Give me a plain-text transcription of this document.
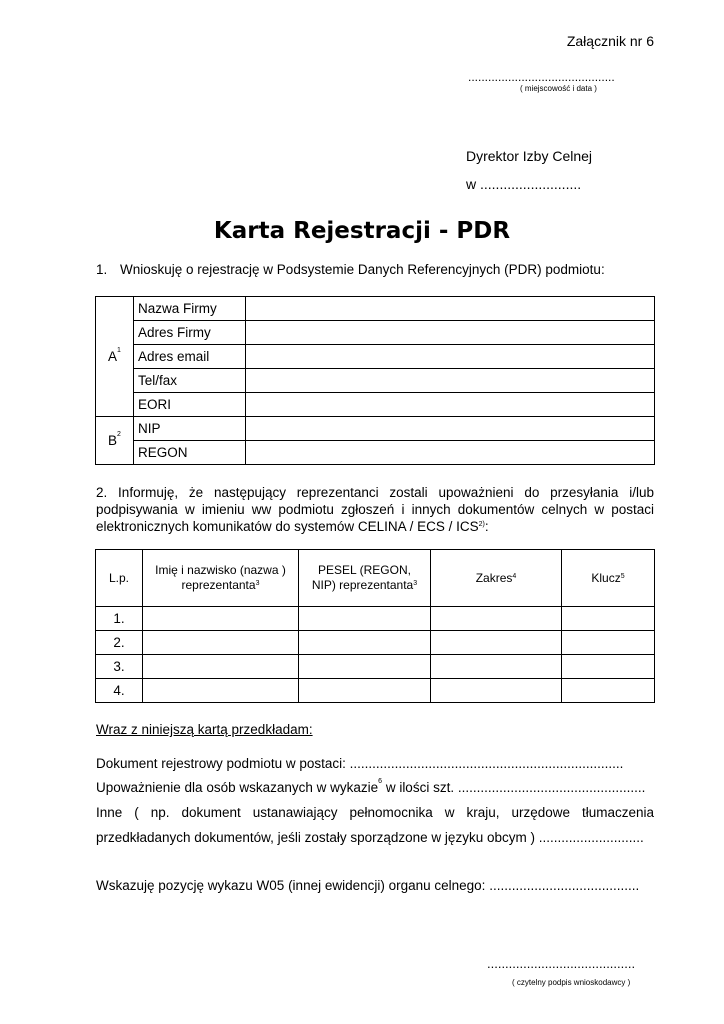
Załącznik nr 6
............................................
( miejscowość i data )
Dyrektor Izby Celnej
w ..........................
Karta Rejestracji - PDR
1. Wnioskuję o rejestrację w Podsystemie Danych Referencyjnych (PDR) podmiotu:
$A^1$	Nazwa Firmy	
	Adres Firmy	
	Adres email	
	Tel/fax	
	EORI	
$B^2$	NIP	
	REGON	
2. Informuję, że następujący reprezentanci zostali upoważnieni do przesyłania i/lub podpisywania w imieniu ww podmiotu zgłoszeń i innych dokumentów celnych w postaci elektronicznych komunikatów do systemów CELINA / ECS / ICS$^{2)}$:
L.p.	Imię i nazwisko (nazwa ) reprezentanta$^3$	PESEL (REGON, NIP) reprezentanta$^3$	Zakres$^4$	Klucz$^5$
1.				
2.				
3.				
4.				
Wraz z niniejszą kartą przedkładam:
Dokument rejestrowy podmiotu w postaci: .........................................................................
Upoważnienie dla osób wskazanych w wykazie$^6$ w ilości szt. ..................................................
Inne ( np. dokument ustanawiający pełnomocnika w kraju, urzędowe tłumaczenia
przedkładanych dokumentów, jeśli zostały sporządzone w języku obcym ) ............................
Wskazuję pozycję wykazu W05 (innej ewidencji) organu celnego: ........................................
.........................................
( czytelny podpis wnioskodawcy )
